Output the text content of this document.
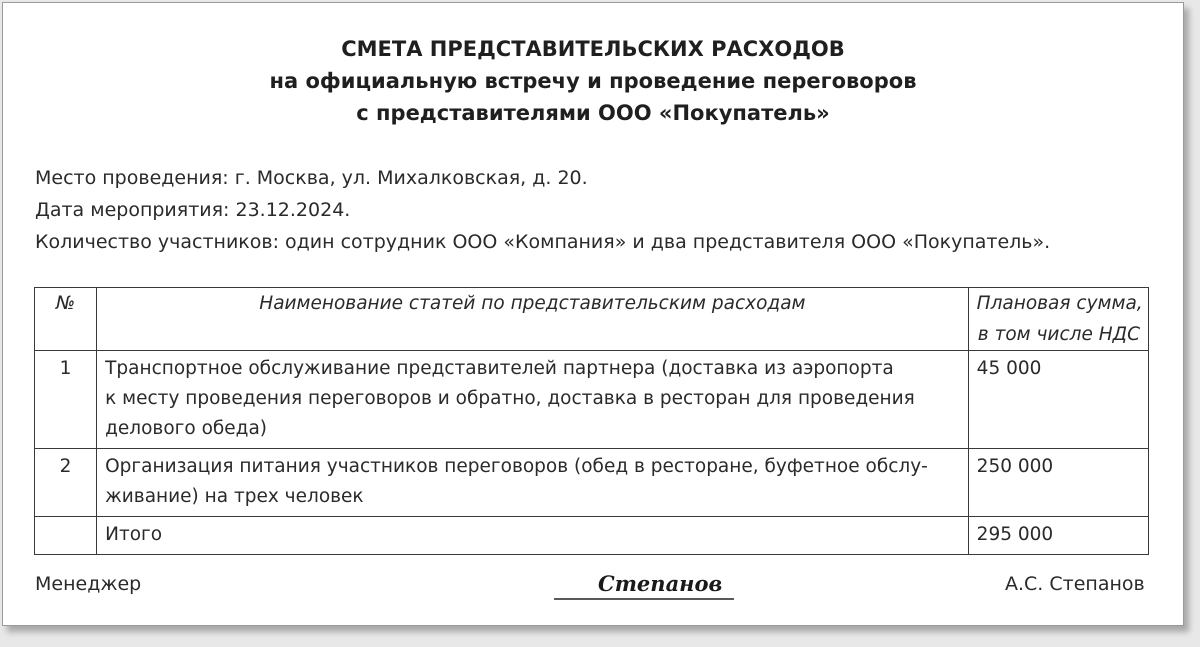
СМЕТА ПРЕДСТАВИТЕЛЬСКИХ РАСХОДОВ
на официальную встречу и проведение переговоров
с представителями ООО «Покупатель»
Место проведения: г. Москва, ул. Михалковская, д. 20.
Дата мероприятия: 23.12.2024.
Количество участников: один сотрудник ООО «Компания» и два представителя ООО «Покупатель».
№	Наименование статей по представительским расходам	Плановая сумма,
в том числе НДС

1	Транспортное обслуживание представителей партнера (доставка из аэропорта
к месту проведения переговоров и обратно, доставка в ресторан для проведения
делового обеда)	45 000
2	Организация питания участников переговоров (обед в ресторане, буфетное обслу-
живание) на трех человек	250 000
	Итого	295 000
Менеджер	Степанов	А.С. Степанов
